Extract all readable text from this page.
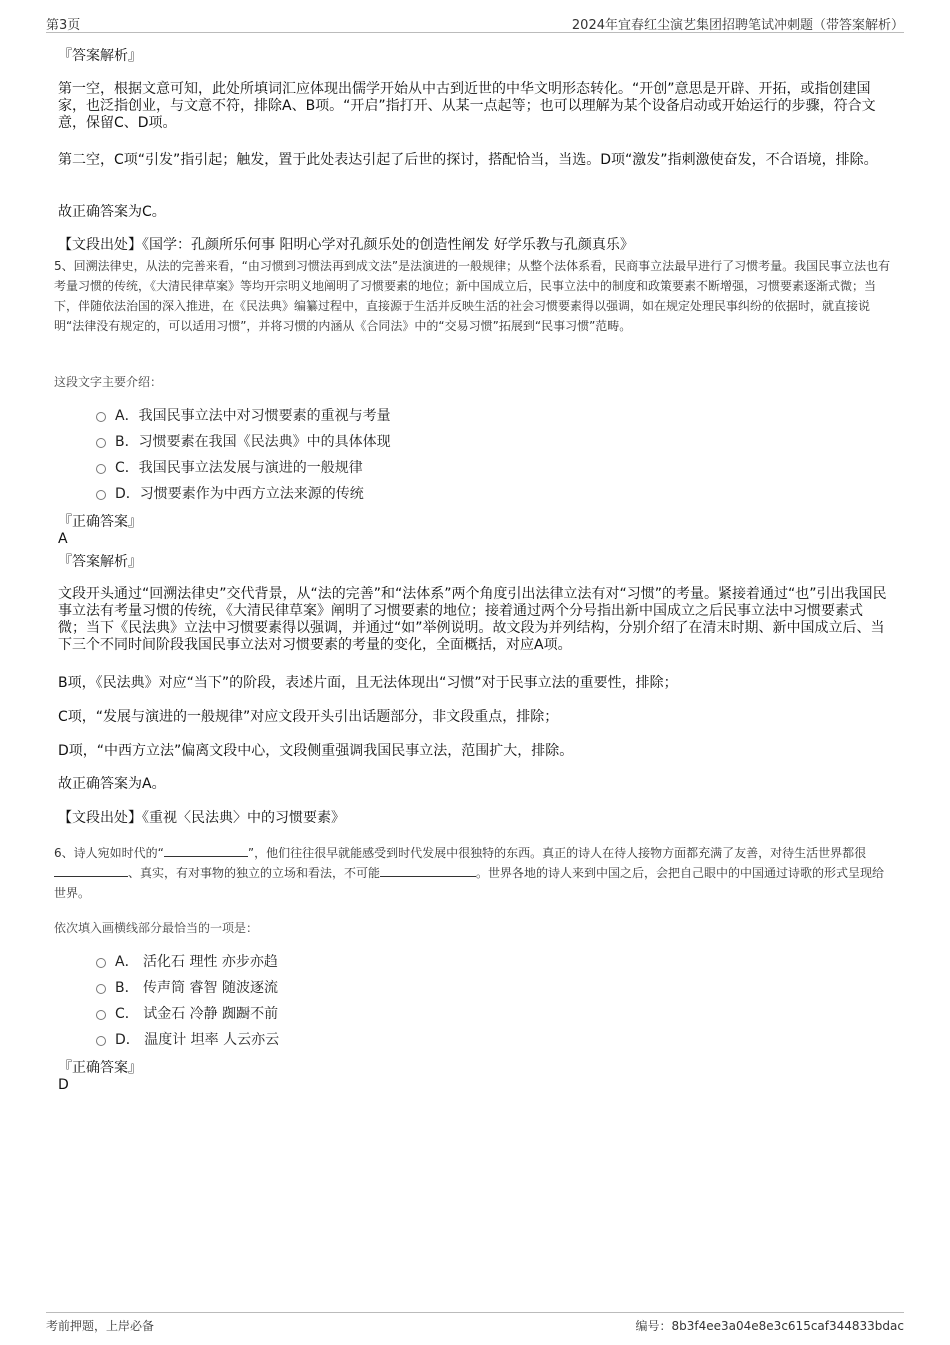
第3页	2024年宜春红尘演艺集团招聘笔试冲刺题（带答案解析）
『答案解析』
第一空，根据文意可知，此处所填词汇应体现出儒学开始从中古到近世的中华文明形态转化。“开创”意思是开辟、开拓，或指创建国家，也泛指创业，与文意不符，排除A、B项。“开启”指打开、从某一点起等；也可以理解为某个设备启动或开始运行的步骤，符合文意，保留C、D项。
第二空，C项“引发”指引起；触发，置于此处表达引起了后世的探讨，搭配恰当，当选。D项“激发”指刺激使奋发，不合语境，排除。
故正确答案为C。
【文段出处】《国学：孔颜所乐何事 阳明心学对孔颜乐处的创造性阐发 好学乐教与孔颜真乐》
5、回溯法律史，从法的完善来看，“由习惯到习惯法再到成文法”是法演进的一般规律；从整个法体系看，民商事立法最早进行了习惯考量。我国民事立法也有考量习惯的传统，《大清民律草案》等均开宗明义地阐明了习惯要素的地位；新中国成立后，民事立法中的制度和政策要素不断增强，习惯要素逐渐式微；当下，伴随依法治国的深入推进，在《民法典》编纂过程中，直接源于生活并反映生活的社会习惯要素得以强调，如在规定处理民事纠纷的依据时，就直接说明“法律没有规定的，可以适用习惯”，并将习惯的内涵从《合同法》中的“交易习惯”拓展到“民事习惯”范畴。
这段文字主要介绍：
A．我国民事立法中对习惯要素的重视与考量
B．习惯要素在我国《民法典》中的具体体现
C．我国民事立法发展与演进的一般规律
D．习惯要素作为中西方立法来源的传统
『正确答案』
A
『答案解析』
文段开头通过“回溯法律史”交代背景，从“法的完善”和“法体系”两个角度引出法律立法有对“习惯”的考量。紧接着通过“也”引出我国民事立法有考量习惯的传统，《大清民律草案》阐明了习惯要素的地位；接着通过两个分号指出新中国成立之后民事立法中习惯要素式微；当下《民法典》立法中习惯要素得以强调，并通过“如”举例说明。故文段为并列结构，分别介绍了在清末时期、新中国成立后、当下三个不同时间阶段我国民事立法对习惯要素的考量的变化，全面概括，对应A项。
B项，《民法典》对应“当下”的阶段，表述片面，且无法体现出“习惯”对于民事立法的重要性，排除；
C项，“发展与演进的一般规律”对应文段开头引出话题部分，非文段重点，排除；
D项，“中西方立法”偏离文段中心，文段侧重强调我国民事立法，范围扩大，排除。
故正确答案为A。
【文段出处】《重视〈民法典〉中的习惯要素》
6、诗人宛如时代的“	”，他们往往很早就能感受到时代发展中很独特的东西。真正的诗人在待人接物方面都充满了友善，对待生活世界都很、真实，有对事物的独立的立场和看法，不可能	。世界各地的诗人来到中国之后，会把自己眼中的中国通过诗歌的形式呈现给世界。
依次填入画横线部分最恰当的一项是：
A． 活化石 理性 亦步亦趋
B． 传声筒 睿智 随波逐流
C． 试金石 冷静 踟蹰不前
D． 温度计 坦率 人云亦云
『正确答案』
D
考前押题，上岸必备	编号：8b3f4ee3a04e8e3c615caf344833bdac
